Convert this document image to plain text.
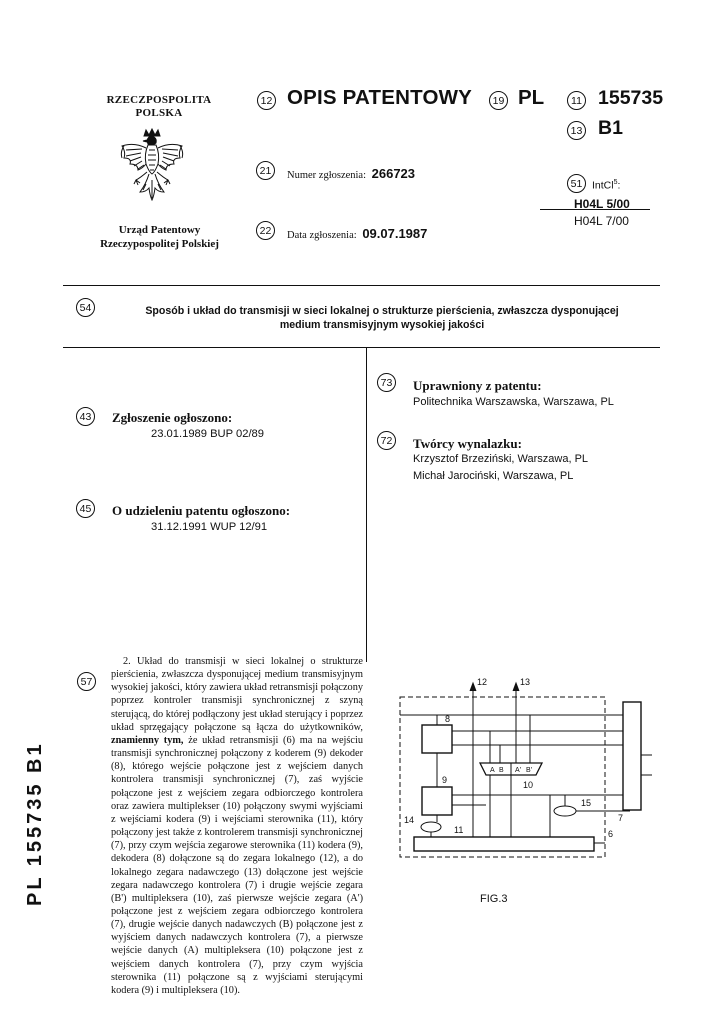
RZECZPOSPOLITA
POLSKA
Urząd Patentowy
Rzeczypospolitej Polskiej
12 OPIS PATENTOWY	19 PL
21	Numer zgłoszenia: 266723
22	Data zgłoszenia: 09.07.1987
11 155735
13 B1
51 IntCl$^5$:
H04L 5/00
H04L 7/00
54	Sposób i układ do transmisji w sieci lokalnej o strukturze pierścienia, zwłaszcza dysponującej
medium transmisyjnym wysokiej jakości
43 Zgłoszenie ogłoszono:
23.01.1989 BUP 02/89
45 O udzieleniu patentu ogłoszono:
31.12.1991 WUP 12/91
73 Uprawniony z patentu:
Politechnika Warszawska, Warszawa, PL
72 Twórcy wynalazku:
Krzysztof Brzeziński, Warszawa, PL
Michał Jarociński, Warszawa, PL
PL 155735 B1
57

2. Układ do transmisji w sieci lokalnej o strukturze pierścienia, zwłaszcza dysponującej medium transmisyjnym wysokiej jakości, który zawiera układ retransmisji połączony poprzez kontroler transmisji synchronicznej z szyną sterującą, do której podłączony jest układ sterujący i poprzez układ sprzęgający połączone są łącza do użytkowników, znamienny tym, że układ retransmisji (6) ma na wejściu transmisji synchronicznej połączony z koderem (9) dekoder (8), którego wejście połączone jest z wejściem danych kontrolera transmisji synchronicznej (7), zaś wyjście połączone jest z wejściem zegara odbiorczego kontrolera oraz zawiera multiplekser (10) połączony swymi wyjściami z wejściami kodera (9) i wejściami sterownika (11), który połączony jest także z kontrolerem transmisji synchronicznej (7), przy czym wejścia zegarowe sterownika (11) kodera (9), dekodera (8) dołączone są do zegara lokalnego (12), a do lokalnego zegara nadawczego (13) dołączone jest wejście zegara nadawczego kontrolera (7) i drugie wejście zegara (B') multipleksera (10), zaś pierwsze wejście zegara (A') połączone jest z wejściem zegara odbiorczego kontrolera (7), drugie wejście danych nadawczych (B) połączone jest z wyjściem danych nadawczych kontrolera (7), a pierwsze wejście danych (A) multipleksera (10) połączone jest z wejściem danych kontrolera (7), przy czym wyjścia sterownika (11) połączone są z wyjściami sterującymi kodera (9) i multipleksera (10).

12	13
8
9	10
14
11
15
7
6
A B A' B'
FIG.3
